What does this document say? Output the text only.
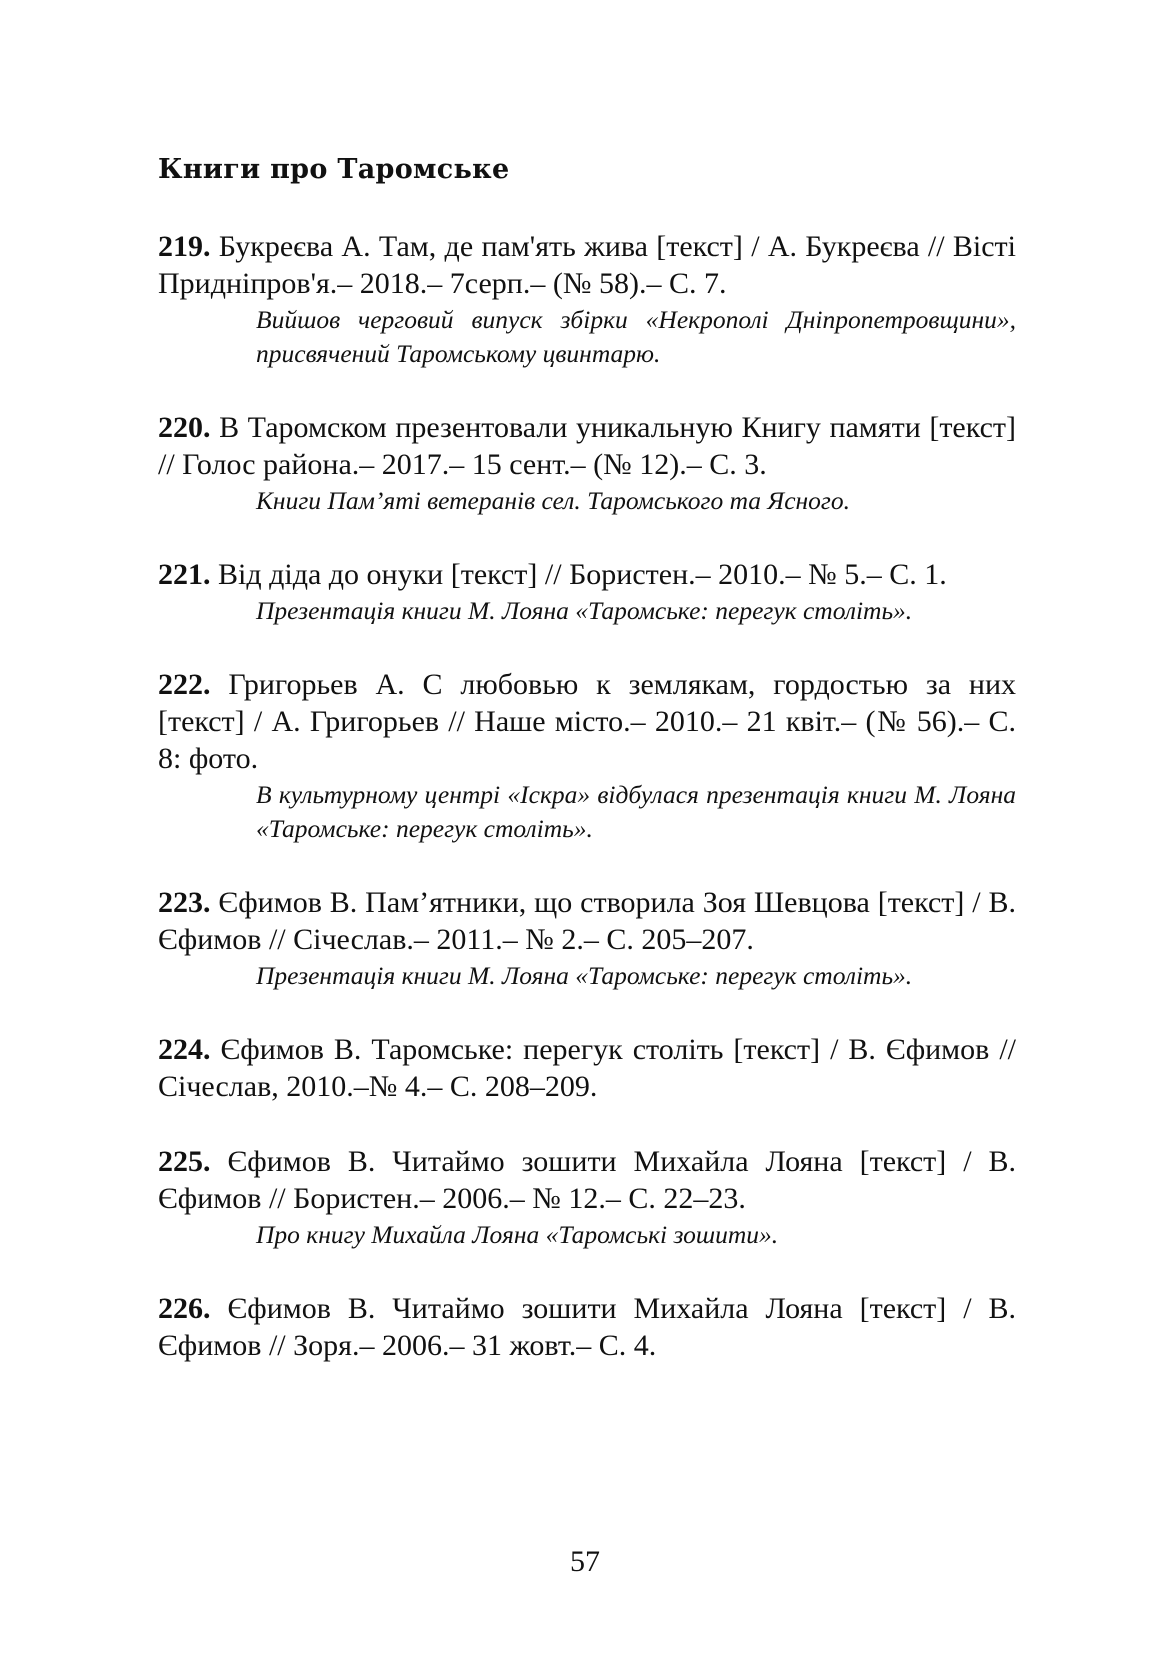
Книги про Таромське

219. Букреєва А. Там, де пам'ять жива [текст] / А. Букреєва // Вісті Придніпров'я.– 2018.– 7серп.– (№ 58).– С. 7.

Вийшов черговий випуск збірки «Некрополі Дніпропетровщини», присвячений Таромському цвинтарю.

220. В Таромском презентовали уникальную Книгу памяти [текст] // Голос района.– 2017.– 15 сент.– (№ 12).– С. 3.

Книги Пам’яті ветеранів сел. Таромського та Ясного.

221. Від діда до онуки [текст] // Бористен.– 2010.– № 5.– С. 1.

Презентація книги М. Лояна «Таромське: перегук століть».

222. Григорьев А. С любовью к землякам, гордостью за них [текст] / А. Григорьев // Наше місто.– 2010.– 21 квіт.– (№ 56).– С. 8: фото.

В культурному центрі «Іскра» відбулася презентація книги М. Лояна «Таромське: перегук століть».

223. Єфимов В. Пам’ятники, що створила Зоя Шевцова [текст] / В. Єфимов // Січеслав.– 2011.– № 2.– С. 205–207.

Презентація книги М. Лояна «Таромське: перегук століть».

224. Єфимов В. Таромське: перегук століть [текст] / В. Єфимов // Січеслав, 2010.–№ 4.– С. 208–209.

225. Єфимов В. Читаймо зошити Михайла Лояна [текст] / В. Єфимов // Бористен.– 2006.– № 12.– С. 22–23.

Про книгу Михайла Лояна «Таромські зошити».

226. Єфимов В. Читаймо зошити Михайла Лояна [текст] / В. Єфимов // Зоря.– 2006.– 31 жовт.– С. 4.

57
